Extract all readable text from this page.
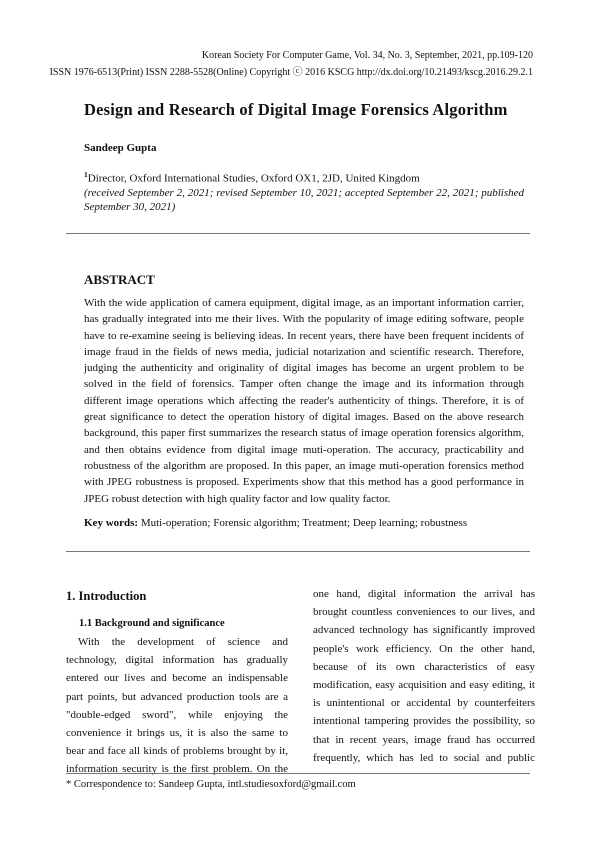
Korean Society For Computer Game, Vol. 34, No. 3, September, 2021, pp.109-120
ISSN 1976-6513(Print) ISSN 2288-5528(Online) Copyright ⓒ 2016 KSCG http://dx.doi.org/10.21493/kscg.2016.29.2.1
Design and Research of Digital Image Forensics Algorithm
Sandeep Gupta
$^1$Director, Oxford International Studies, Oxford OX1, 2JD, United Kingdom
(received September 2, 2021; revised September 10, 2021; accepted September 22, 2021; published September 30, 2021)
ABSTRACT
With the wide application of camera equipment, digital image, as an important information carrier, has gradually integrated into me their lives. With the popularity of image editing software, people have to re-examine seeing is believing ideas. In recent years, there have been frequent incidents of image fraud in the fields of news media, judicial notarization and scientific research. Therefore, judging the authenticity and originality of digital images has become an urgent problem to be solved in the field of forensics. Tamper often change the image and its information through different image operations which affecting the reader's authenticity of things. Therefore, it is of great significance to detect the operation history of digital images. Based on the above research background, this paper first summarizes the research status of image operation forensics algorithm, and then obtains evidence from digital image muti-operation. The accuracy, practicability and robustness of the algorithm are proposed. In this paper, an image muti-operation forensics method with JPEG robustness is proposed. Experiments show that this method has a good performance in JPEG robust detection with high quality factor and low quality factor.
Key words: Muti-operation; Forensic algorithm; Treatment; Deep learning; robustness
1. Introduction
1.1 Background and significance
With the development of science and technology, digital information has gradually entered our lives and become an indispensable part points, but advanced production tools are a "double-edged sword", while enjoying the convenience it brings us, it is also the same to bear and face all kinds of problems brought by it, information security is the first problem. On the
one hand, digital information the arrival has brought countless conveniences to our lives, and advanced technology has significantly improved people's work efficiency. On the other hand, because of its own characteristics of easy modification, easy acquisition and easy editing, it is unintentional or accidental by counterfeiters intentional tampering provides the possibility, so that in recent years, image fraud has occurred frequently, which has led to social and public
* Correspondence to: Sandeep Gupta, intl.studiesoxford@gmail.com
